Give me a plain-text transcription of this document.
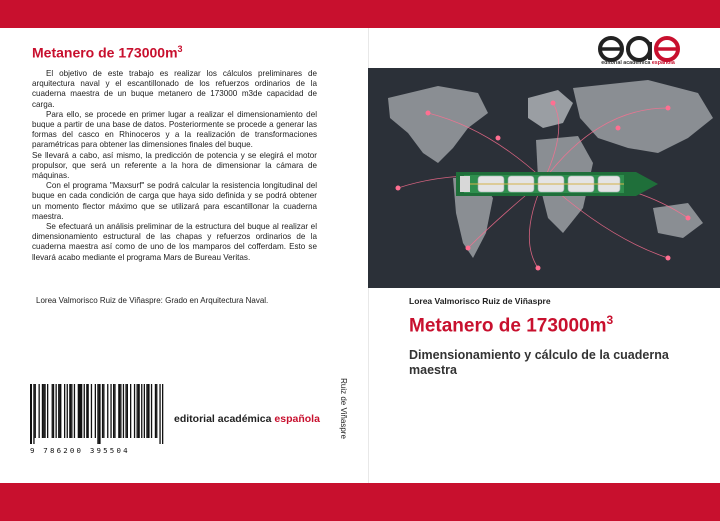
Metanero de $173000m^3$

El objetivo de este trabajo es realizar los cálculos preliminares de arquitectura naval y el escantillonado de los refuerzos ordinarios de la cuaderna maestra de un buque metanero de 173000 m3de capacidad de carga.

Para ello, se procede en primer lugar a realizar el dimensionamiento del buque a partir de una base de datos. Posteriormente se procede a generar las formas del casco en Rhinoceros y a la realización de transformaciones paramétricas para obtener las dimensiones finales del buque.

Se llevará a cabo, así mismo, la predicción de potencia y se elegirá el motor propulsor, que será un referente a la hora de dimensionar la cámara de máquinas.

Con el programa "Maxsurf" se podrá calcular la resistencia longitudinal del buque en cada condición de carga que haya sido definida y se podrá obtener un momento flector máximo que se utilizará para escantillonar la cuaderna maestra.

Se efectuará un análisis preliminar de la estructura del buque al realizar el dimensionamiento estructural de las chapas y refuerzos ordinarios de la cuaderna maestra así como de uno de los mamparos del cofferdam. Esto se llevará acabo mediante el programa Mars de Bureau Veritas.

Lorea Valmorisco Ruiz de Viñaspre: Grado en Arquitectura Naval.
9 786200 395504
editorial académica española Ruiz de Viñaspre
editorial académica española
Lorea Valmorisco Ruiz de Viñaspre
Metanero de $173000m^3$
Dimensionamiento y cálculo de la cuaderna maestra
